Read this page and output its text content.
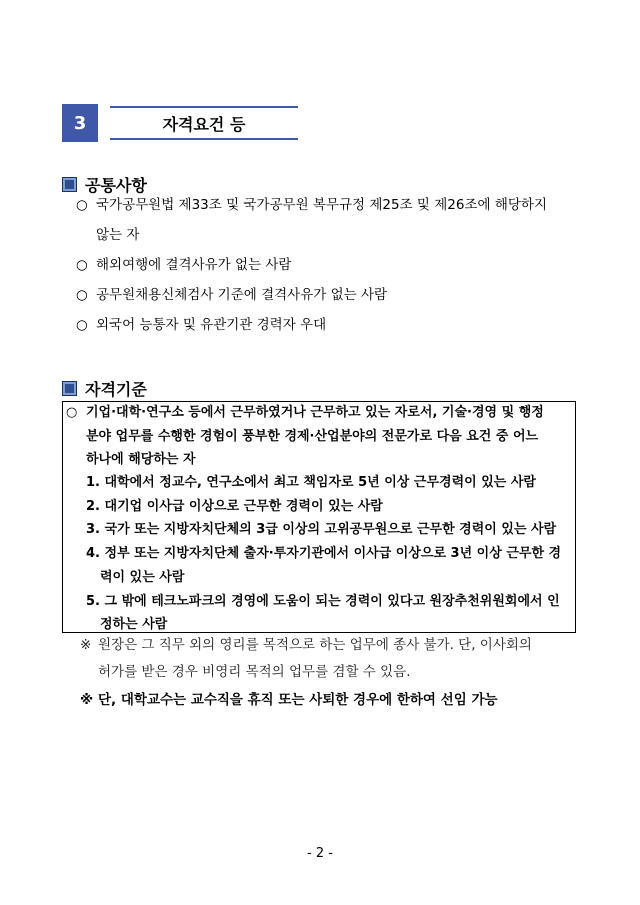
3	자격요건 등
공통사항
○ 국가공무원법 제33조 및 국가공무원 복무규정 제25조 및 제26조에 해당하지
않는 자
○ 해외여행에 결격사유가 없는 사람
○ 공무원채용신체검사 기준에 결격사유가 없는 사람
○ 외국어 능통자 및 유관기관 경력자 우대
자격기준
○ 기업·대학·연구소 등에서 근무하였거나 근무하고 있는 자로서, 기술·경영 및 행정
분야 업무를 수행한 경험이 풍부한 경제·산업분야의 전문가로 다음 요건 중 어느
하나에 해당하는 자
1. 대학에서 정교수, 연구소에서 최고 책임자로 5년 이상 근무경력이 있는 사람
2. 대기업 이사급 이상으로 근무한 경력이 있는 사람
3. 국가 또는 지방자치단체의 3급 이상의 고위공무원으로 근무한 경력이 있는 사람
4. 정부 또는 지방자치단체 출자·투자기관에서 이사급 이상으로 3년 이상 근무한 경
력이 있는 사람
5. 그 밖에 테크노파크의 경영에 도움이 되는 경력이 있다고 원장추천위원회에서 인
정하는 사람
※ 원장은 그 직무 외의 영리를 목적으로 하는 업무에 종사 불가. 단, 이사회의
허가를 받은 경우 비영리 목적의 업무를 겸할 수 있음.
※ 단, 대학교수는 교수직을 휴직 또는 사퇴한 경우에 한하여 선임 가능
- 2 -
